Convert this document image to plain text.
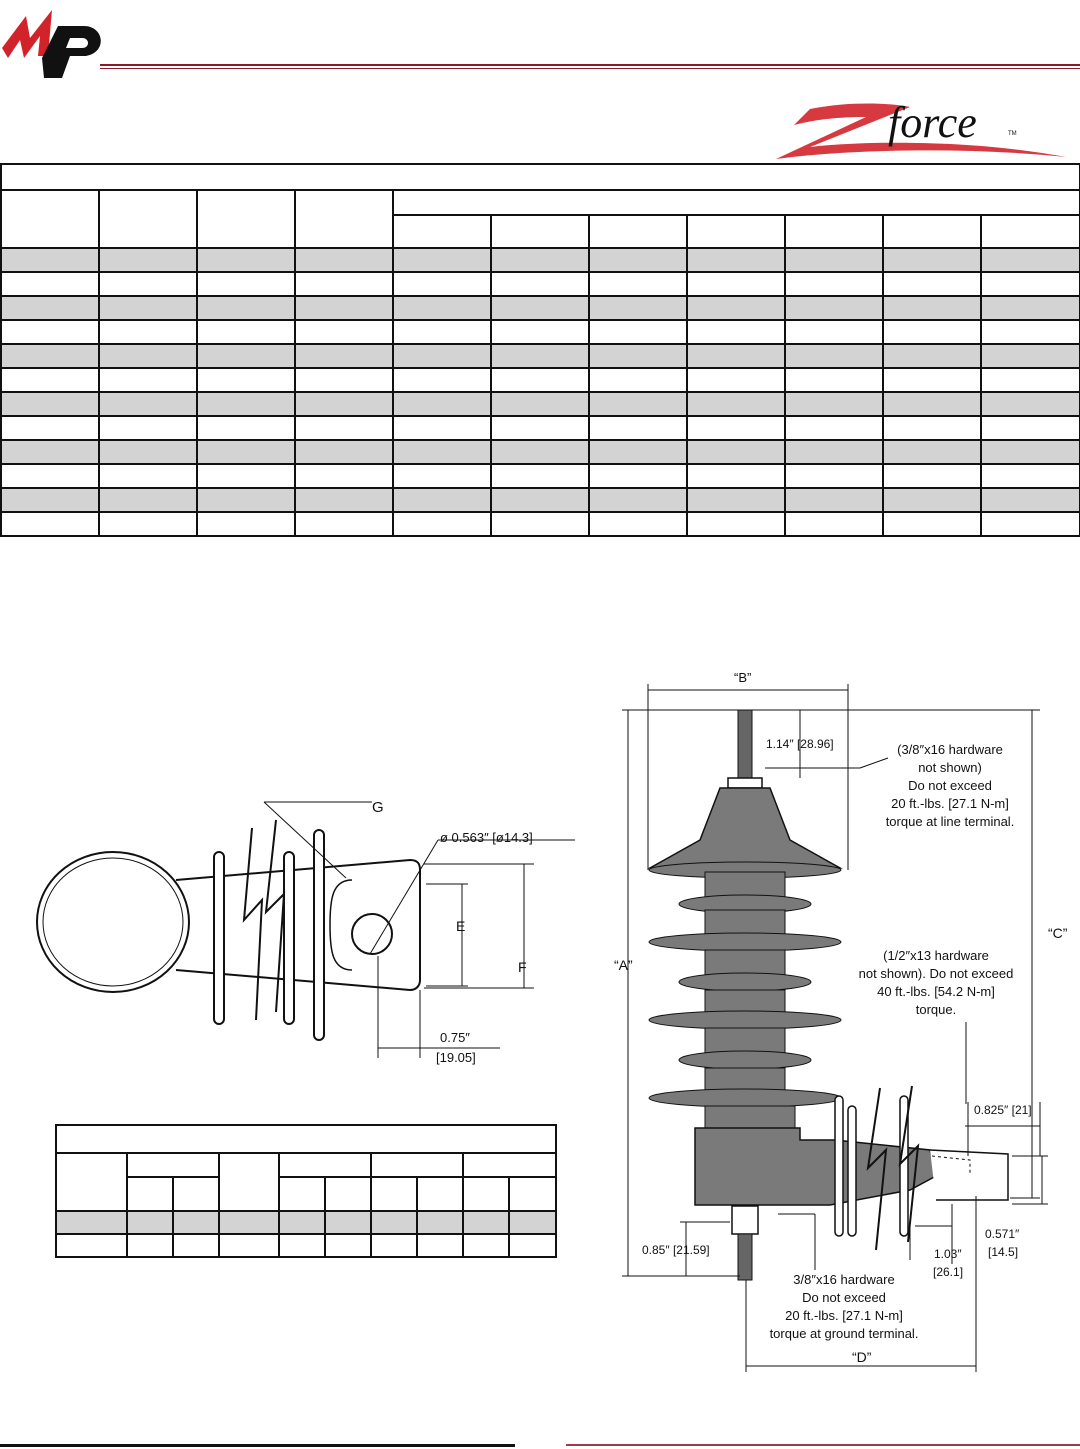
MP
force	TM
Zforce

G
ø 0.563″ [ø14.3]
E
F
0.75″
[19.05]

“B”
“A”
“C”
“D”
1.14″ [28.96]	(3/8″x16 hardware
not shown)
Do not exceed
20 ft.-lbs. [27.1 N-m]
torque at line terminal.
(1/2″x13 hardware
not shown). Do not exceed
40 ft.-lbs. [54.2 N-m]
torque.
0.825″ [21]
0.571″
[14.5]
0.85″ [21.59]	1.03″
[26.1]
3/8″x16 hardware
Do not exceed
20 ft.-lbs. [27.1 N-m]
torque at ground terminal.
